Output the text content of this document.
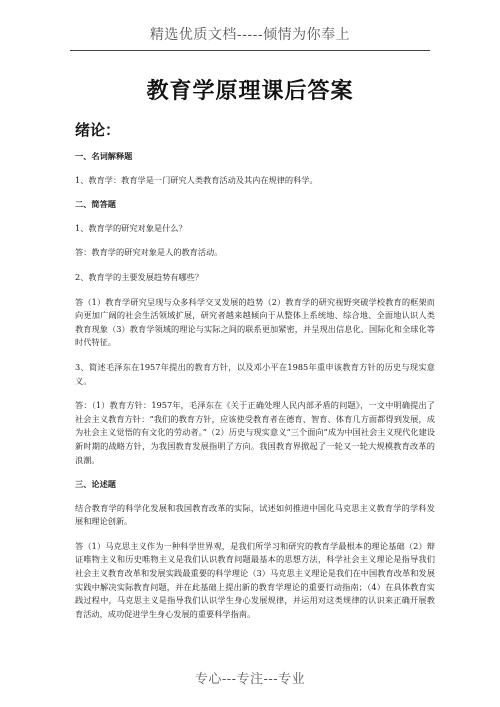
精选优质文档-----倾情为你奉上
教育学原理课后答案
绪论：

一、名词解释题

1、教育学：教育学是一门研究人类教育活动及其内在规律的科学。

二、简答题

1、教育学的研究对象是什么？

答：教育学的研究对象是人的教育活动。

2、教育学的主要发展趋势有哪些？

答（1）教育学研究呈现与众多科学交叉发展的趋势（2）教育学的研究视野突破学校教育的框架而向更加广阔的社会生活领域扩展，研究者越来越倾向于从整体上系统地、综合地、全面地认识人类教育现象（3）教育学领域的理论与实际之间的联系更加紧密，并呈现出信息化、国际化和全球化等时代特征。

3、简述毛泽东在1957年提出的教育方针，以及邓小平在1985年重申该教育方针的历史与现实意义。

答：（1）教育方针：1957年，毛泽东在《关于正确处理人民内部矛盾的问题》，一文中明确提出了社会主义教育方针：“我们的教育方针，应该使受教育者在德育、智育、体育几方面都得到发展，成为社会主义觉悟的有文化的劳动者。”（2）历史与现实意义“三个面向”成为中国社会主义现代化建设新时期的战略方针，为我国教育发展指明了方向。我国教育界掀起了一轮又一轮大规模教育改革的浪潮。

三、论述题

结合教育学的科学化发展和我国教育改革的实际，试述如何推进中国化马克思主义教育学的学科发展和理论创新。

答（1）马克思主义作为一种科学世界观，是我们所学习和研究的教育学最根本的理论基础（2）辩证唯物主义和历史唯物主义是我们认识教育问题最基本的思想方法，科学社会主义理论是指导我们社会主义教育改革和发展实践最重要的科学理论（3）马克思主义理论是我们在中国教育改革和发展实践中解决实际教育问题，并在此基础上提出新的教育学理论的重要行动指南；（4）在具体教育实践过程中，马克思主义是指导我们认识学生身心发展规律，并运用对这类规律的认识来正确开展教育活动，成功促进学生身心发展的重要科学指南。

专心---专注---专业
